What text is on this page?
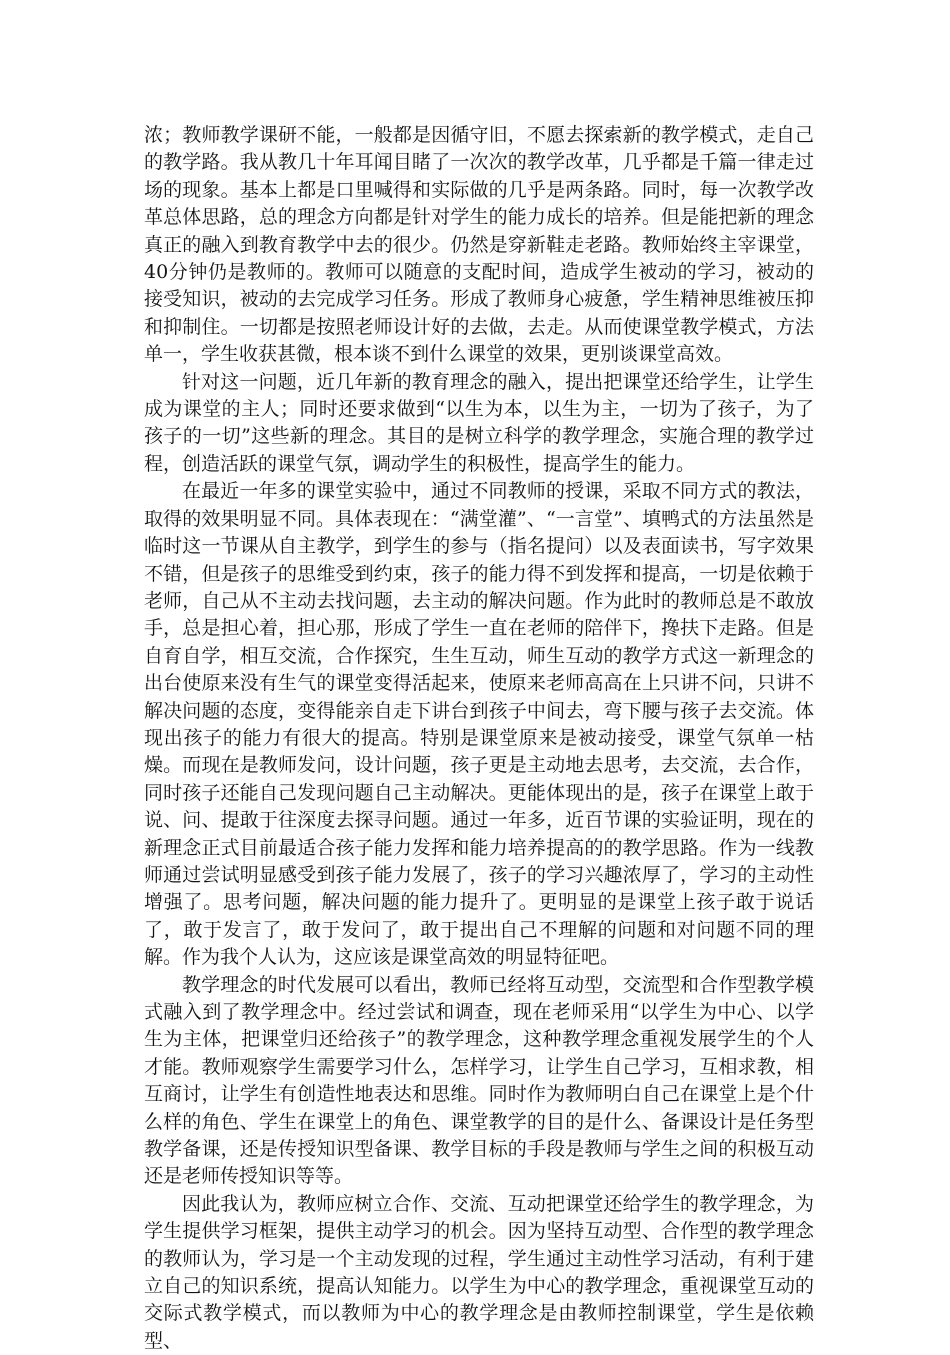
浓；教师教学课研不能，一般都是因循守旧，不愿去探索新的教学模式，走自己的教学路。我从教几十年耳闻目睹了一次次的教学改革，几乎都是千篇一律走过场的现象。基本上都是口里喊得和实际做的几乎是两条路。同时，每一次教学改革总体思路，总的理念方向都是针对学生的能力成长的培养。但是能把新的理念真正的融入到教育教学中去的很少。仍然是穿新鞋走老路。教师始终主宰课堂，40分钟仍是教师的。教师可以随意的支配时间，造成学生被动的学习，被动的接受知识，被动的去完成学习任务。形成了教师身心疲惫，学生精神思维被压抑和抑制住。一切都是按照老师设计好的去做，去走。从而使课堂教学模式，方法单一，学生收获甚微，根本谈不到什么课堂的效果，更别谈课堂高效。

针对这一问题，近几年新的教育理念的融入，提出把课堂还给学生，让学生成为课堂的主人；同时还要求做到“以生为本，以生为主，一切为了孩子，为了孩子的一切”这些新的理念。其目的是树立科学的教学理念，实施合理的教学过程，创造活跃的课堂气氛，调动学生的积极性，提高学生的能力。

在最近一年多的课堂实验中，通过不同教师的授课，采取不同方式的教法，取得的效果明显不同。具体表现在：“满堂灌”、“一言堂”、填鸭式的方法虽然是临时这一节课从自主教学，到学生的参与（指名提问）以及表面读书，写字效果不错，但是孩子的思维受到约束，孩子的能力得不到发挥和提高，一切是依赖于老师，自己从不主动去找问题，去主动的解决问题。作为此时的教师总是不敢放手，总是担心着，担心那，形成了学生一直在老师的陪伴下，搀扶下走路。但是自育自学，相互交流，合作探究，生生互动，师生互动的教学方式这一新理念的出台使原来没有生气的课堂变得活起来，使原来老师高高在上只讲不问，只讲不解决问题的态度，变得能亲自走下讲台到孩子中间去，弯下腰与孩子去交流。体现出孩子的能力有很大的提高。特别是课堂原来是被动接受，课堂气氛单一枯燥。而现在是教师发问，设计问题，孩子更是主动地去思考，去交流，去合作，同时孩子还能自己发现问题自己主动解决。更能体现出的是，孩子在课堂上敢于说、问、提敢于往深度去探寻问题。通过一年多，近百节课的实验证明，现在的新理念正式目前最适合孩子能力发挥和能力培养提高的的教学思路。作为一线教师通过尝试明显感受到孩子能力发展了，孩子的学习兴趣浓厚了，学习的主动性增强了。思考问题，解决问题的能力提升了。更明显的是课堂上孩子敢于说话了，敢于发言了，敢于发问了，敢于提出自己不理解的问题和对问题不同的理解。作为我个人认为，这应该是课堂高效的明显特征吧。

教学理念的时代发展可以看出，教师已经将互动型，交流型和合作型教学模式融入到了教学理念中。经过尝试和调查，现在老师采用“以学生为中心、以学生为主体，把课堂归还给孩子”的教学理念，这种教学理念重视发展学生的个人才能。教师观察学生需要学习什么，怎样学习，让学生自己学习，互相求教，相互商讨，让学生有创造性地表达和思维。同时作为教师明白自己在课堂上是个什么样的角色、学生在课堂上的角色、课堂教学的目的是什么、备课设计是任务型教学备课，还是传授知识型备课、教学目标的手段是教师与学生之间的积极互动还是老师传授知识等等。

因此我认为，教师应树立合作、交流、互动把课堂还给学生的教学理念，为学生提供学习框架，提供主动学习的机会。因为坚持互动型、合作型的教学理念的教师认为，学习是一个主动发现的过程，学生通过主动性学习活动，有利于建立自己的知识系统，提高认知能力。以学生为中心的教学理念，重视课堂互动的交际式教学模式，而以教师为中心的教学理念是由教师控制课堂，学生是依赖型、
